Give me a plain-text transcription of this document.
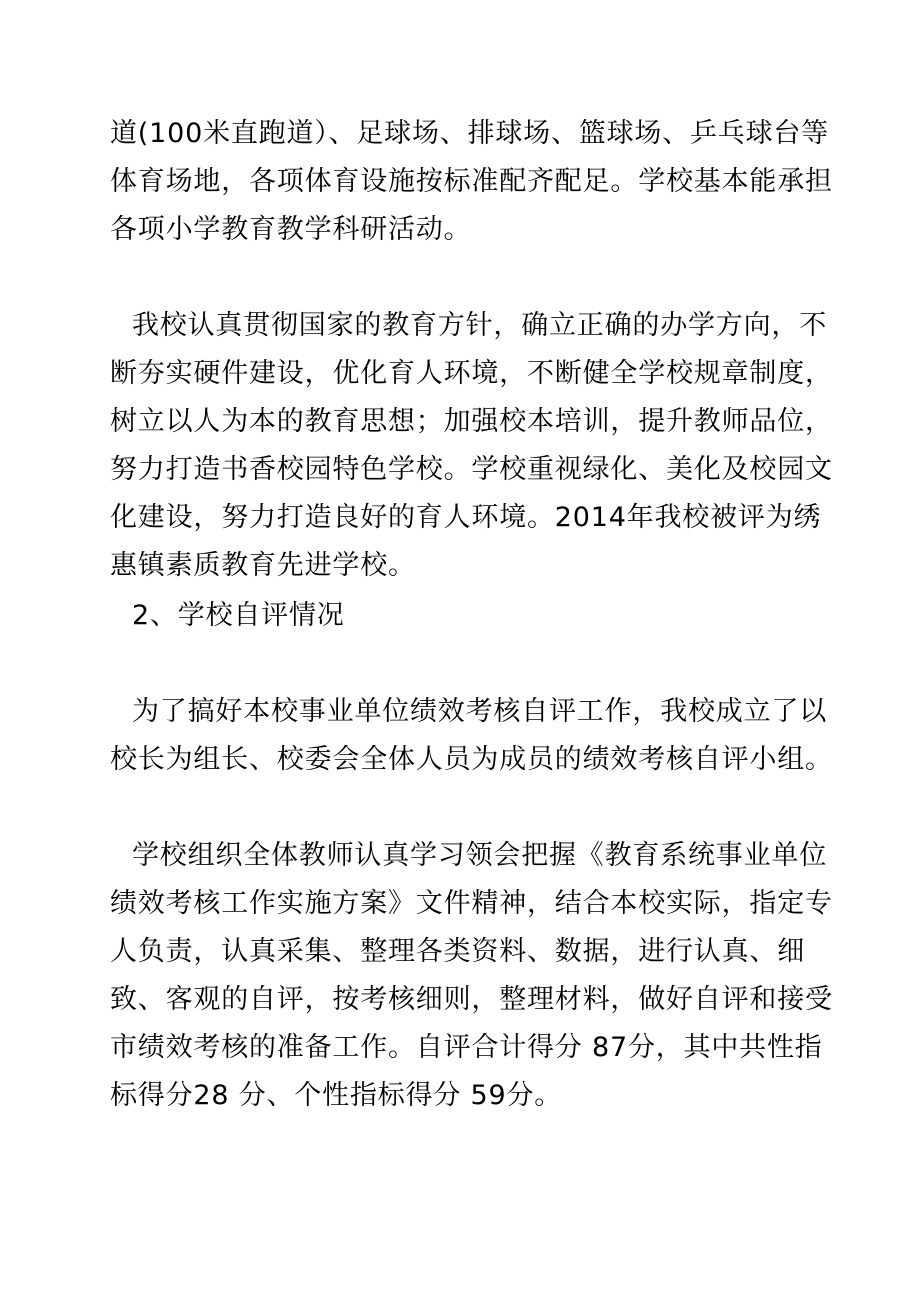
道(100米直跑道）、足球场、排球场、篮球场、乒乓球台等体育场地，各项体育设施按标准配齐配足。学校基本能承担各项小学教育教学科研活动。

我校认真贯彻国家的教育方针，确立正确的办学方向，不断夯实硬件建设，优化育人环境，不断健全学校规章制度，树立以人为本的教育思想；加强校本培训，提升教师品位，努力打造书香校园特色学校。学校重视绿化、美化及校园文化建设，努力打造良好的育人环境。2014年我校被评为绣惠镇素质教育先进学校。

2、学校自评情况

为了搞好本校事业单位绩效考核自评工作，我校成立了以校长为组长、校委会全体人员为成员的绩效考核自评小组。

学校组织全体教师认真学习领会把握《教育系统事业单位绩效考核工作实施方案》文件精神，结合本校实际，指定专人负责，认真采集、整理各类资料、数据，进行认真、细致、客观的自评，按考核细则，整理材料，做好自评和接受市绩效考核的准备工作。自评合计得分 87分，其中共性指标得分28 分、个性指标得分 59分。
